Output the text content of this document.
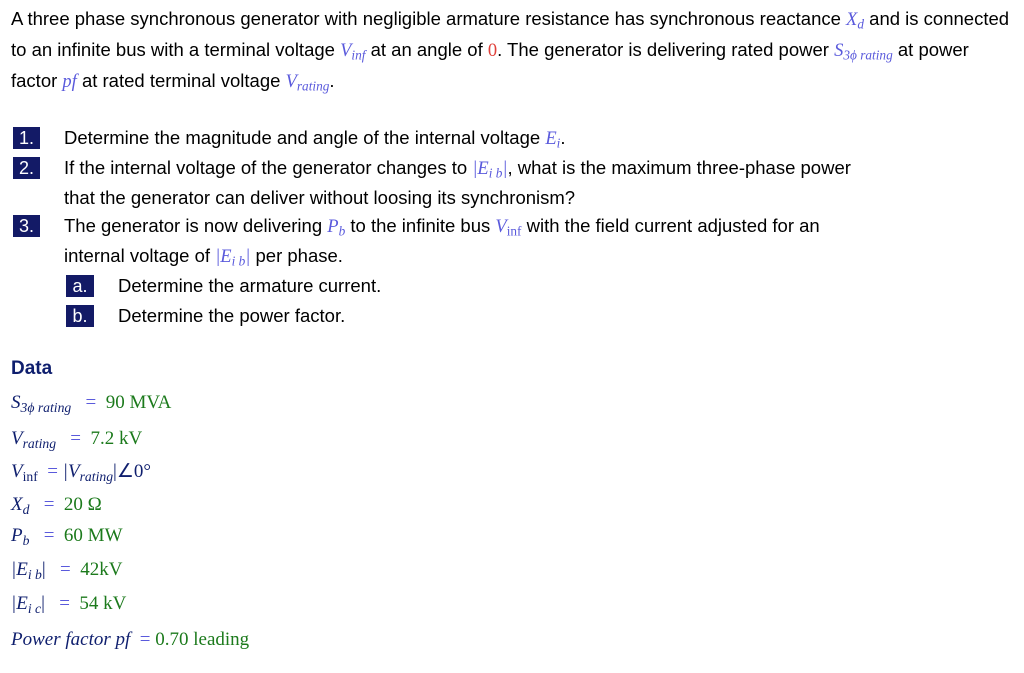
A three phase synchronous generator with negligible armature resistance has synchronous reactance $X_d$ and is connected to an infinite bus with a terminal voltage $V_{inf}$ at an angle of 0. The generator is delivering rated power $S_{3\phi rating}$ at power factor pf at rated terminal voltage $V_{rating}$.
1.	Determine the magnitude and angle of the internal voltage $E_i$.
2.	If the internal voltage of the generator changes to $|E_{i b}|$, what is the maximum three-phase power
that the generator can deliver without loosing its synchronism?
3.	The generator is now delivering $P_b$ to the infinite bus $V_{inf}$ with the field current adjusted for an
internal voltage of $|E_{i b}|$ per phase.
a.	Determine the armature current.
b.	Determine the power factor.
Data
$S_{3\phi rating} = 90$ MVA
$V_{rating} = 7.2$ kV
$V_{inf}$ = $|V_{rating}|\angle 0^\circ$
$X_d = 20$ Ω
$P_b = 60$ MW
$|E_{i b}| = 42kV$
$|E_{i c}| = 54$ kV
Power factor pf = 0.70 leading
